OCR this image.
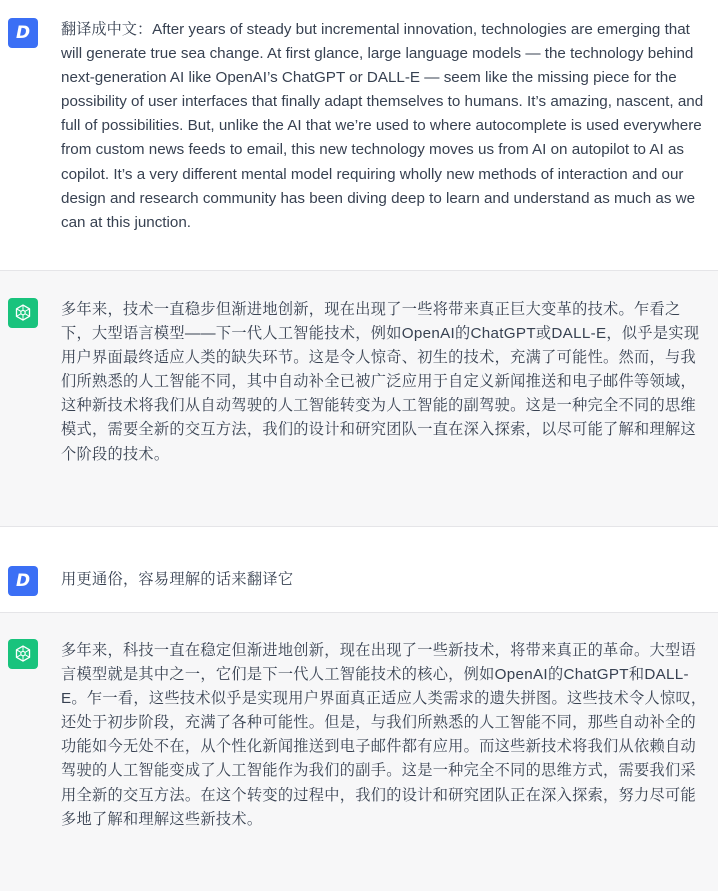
D 翻译成中文：After years of steady but incremental innovation, technologies are emerging that will generate true sea change. At first glance, large language models — the technology behind next-generation AI like OpenAI’s ChatGPT or DALL-E — seem like the missing piece for the possibility of user interfaces that finally adapt themselves to humans. It’s amazing, nascent, and full of possibilities. But, unlike the AI that we’re used to where autocomplete is used everywhere from custom news feeds to email, this new technology moves us from AI on autopilot to AI as copilot. It’s a very different mental model requiring wholly new methods of interaction and our design and research community has been diving deep to learn and understand as much as we can at this junction.
多年来，技术一直稳步但渐进地创新，现在出现了一些将带来真正巨大变革的技术。乍看之下，大型语言模型——下一代人工智能技术，例如OpenAI的ChatGPT或DALL-E，似乎是实现用户界面最终适应人类的缺失环节。这是令人惊奇、初生的技术，充满了可能性。然而，与我们所熟悉的人工智能不同，其中自动补全已被广泛应用于自定义新闻推送和电子邮件等领域，这种新技术将我们从自动驾驶的人工智能转变为人工智能的副驾驶。这是一种完全不同的思维模式，需要全新的交互方法，我们的设计和研究团队一直在深入探索，以尽可能了解和理解这个阶段的技术。
D 用更通俗，容易理解的话来翻译它
多年来，科技一直在稳定但渐进地创新，现在出现了一些新技术，将带来真正的革命。大型语言模型就是其中之一，它们是下一代人工智能技术的核心，例如OpenAI的ChatGPT和DALL-E。乍一看，这些技术似乎是实现用户界面真正适应人类需求的遗失拼图。这些技术令人惊叹，还处于初步阶段，充满了各种可能性。但是，与我们所熟悉的人工智能不同，那些自动补全的功能如今无处不在，从个性化新闻推送到电子邮件都有应用。而这些新技术将我们从依赖自动驾驶的人工智能变成了人工智能作为我们的副手。这是一种完全不同的思维方式，需要我们采用全新的交互方法。在这个转变的过程中，我们的设计和研究团队正在深入探索，努力尽可能多地了解和理解这些新技术。
